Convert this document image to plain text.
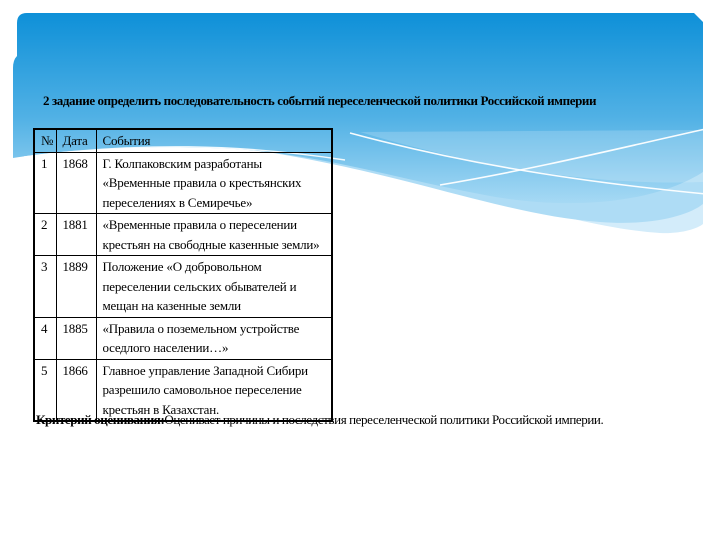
2 задание определить последовательность событий переселенческой политики Российской империи
№	Дата	События
1	1868	Г. Колпаковским разработаны «Временные правила о крестьянских переселениях в Семиречье»
2	1881	«Временные правила о переселении крестьян на свободные казенные земли»
3	1889	Положение «О добровольном переселении сельских обывателей и мещан на казенные земли
4	1885	«Правила о поземельном устройстве оседлого населении…»
5	1866	Главное управление Западной Сибири разрешило самовольное переселение крестьян в Казахстан.
Критерий оценивания:Оценивает причины и последствия переселенческой политики Российской империи.
